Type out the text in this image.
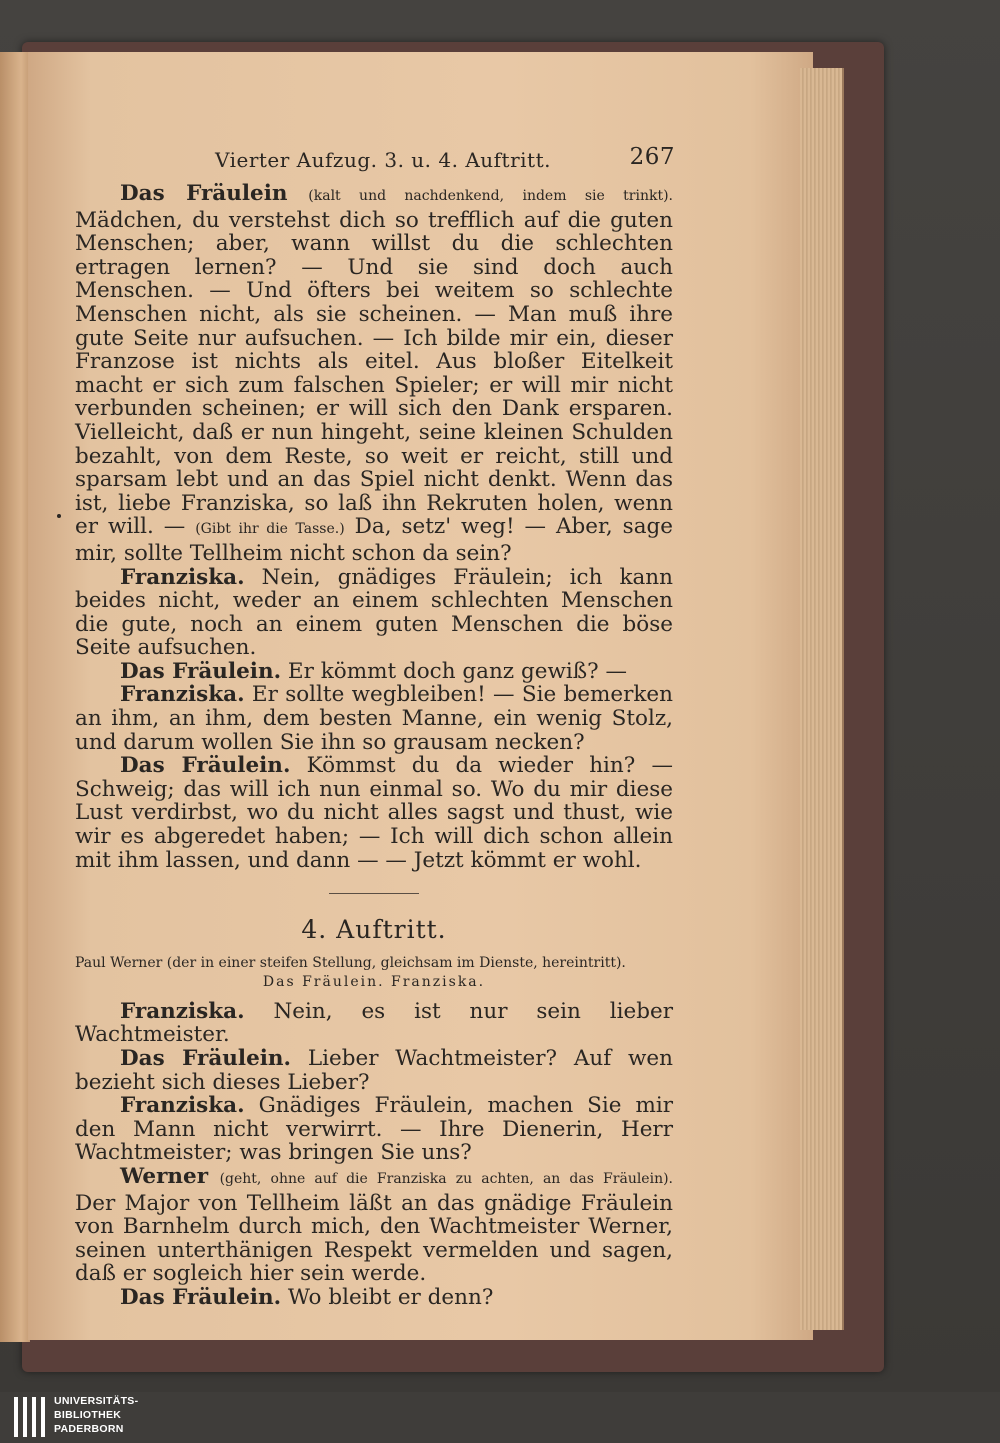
Vierter Aufzug. 3. u. 4. Auftritt.	267

Das Fräulein (kalt und nachdenkend, indem sie trinkt). Mädchen, du verstehst dich so trefflich auf die guten Menschen; aber, wann willst du die schlechten ertragen lernen? — Und sie sind doch auch Menschen. — Und öfters bei weitem so schlechte Menschen nicht, als sie scheinen. — Man muß ihre gute Seite nur aufsuchen. — Ich bilde mir ein, dieser Franzose ist nichts als eitel. Aus bloßer Eitelkeit macht er sich zum falschen Spieler; er will mir nicht verbunden scheinen; er will sich den Dank ersparen. Vielleicht, daß er nun hingeht, seine kleinen Schulden bezahlt, von dem Reste, so weit er reicht, still und sparsam lebt und an das Spiel nicht denkt. Wenn das ist, liebe Franziska, so laß ihn Rekruten holen, wenn er will. — (Gibt ihr die Tasse.) Da, setz' weg! — Aber, sage mir, sollte Tellheim nicht schon da sein?

Franziska. Nein, gnädiges Fräulein; ich kann beides nicht, weder an einem schlechten Menschen die gute, noch an einem guten Menschen die böse Seite aufsuchen.

Das Fräulein. Er kömmt doch ganz gewiß? —

Franziska. Er sollte wegbleiben! — Sie bemerken an ihm, an ihm, dem besten Manne, ein wenig Stolz, und darum wollen Sie ihn so grausam necken?

Das Fräulein. Kömmst du da wieder hin? — Schweig; das will ich nun einmal so. Wo du mir diese Lust verdirbst, wo du nicht alles sagst und thust, wie wir es abgeredet haben; — Ich will dich schon allein mit ihm lassen, und dann — — Jetzt kömmt er wohl.

4. Auftritt.
Paul Werner (der in einer steifen Stellung, gleichsam im Dienste, hereintritt).
Das Fräulein. Franziska.

Franziska. Nein, es ist nur sein lieber Wachtmeister.

Das Fräulein. Lieber Wachtmeister? Auf wen bezieht sich dieses Lieber?

Franziska. Gnädiges Fräulein, machen Sie mir den Mann nicht verwirrt. — Ihre Dienerin, Herr Wachtmeister; was bringen Sie uns?

Werner (geht, ohne auf die Franziska zu achten, an das Fräulein). Der Major von Tellheim läßt an das gnädige Fräulein von Barnhelm durch mich, den Wachtmeister Werner, seinen unterthänigen Respekt vermelden und sagen, daß er sogleich hier sein werde.

Das Fräulein. Wo bleibt er denn?

UNIVERSITÄTS-
BIBLIOTHEK
PADERBORN
